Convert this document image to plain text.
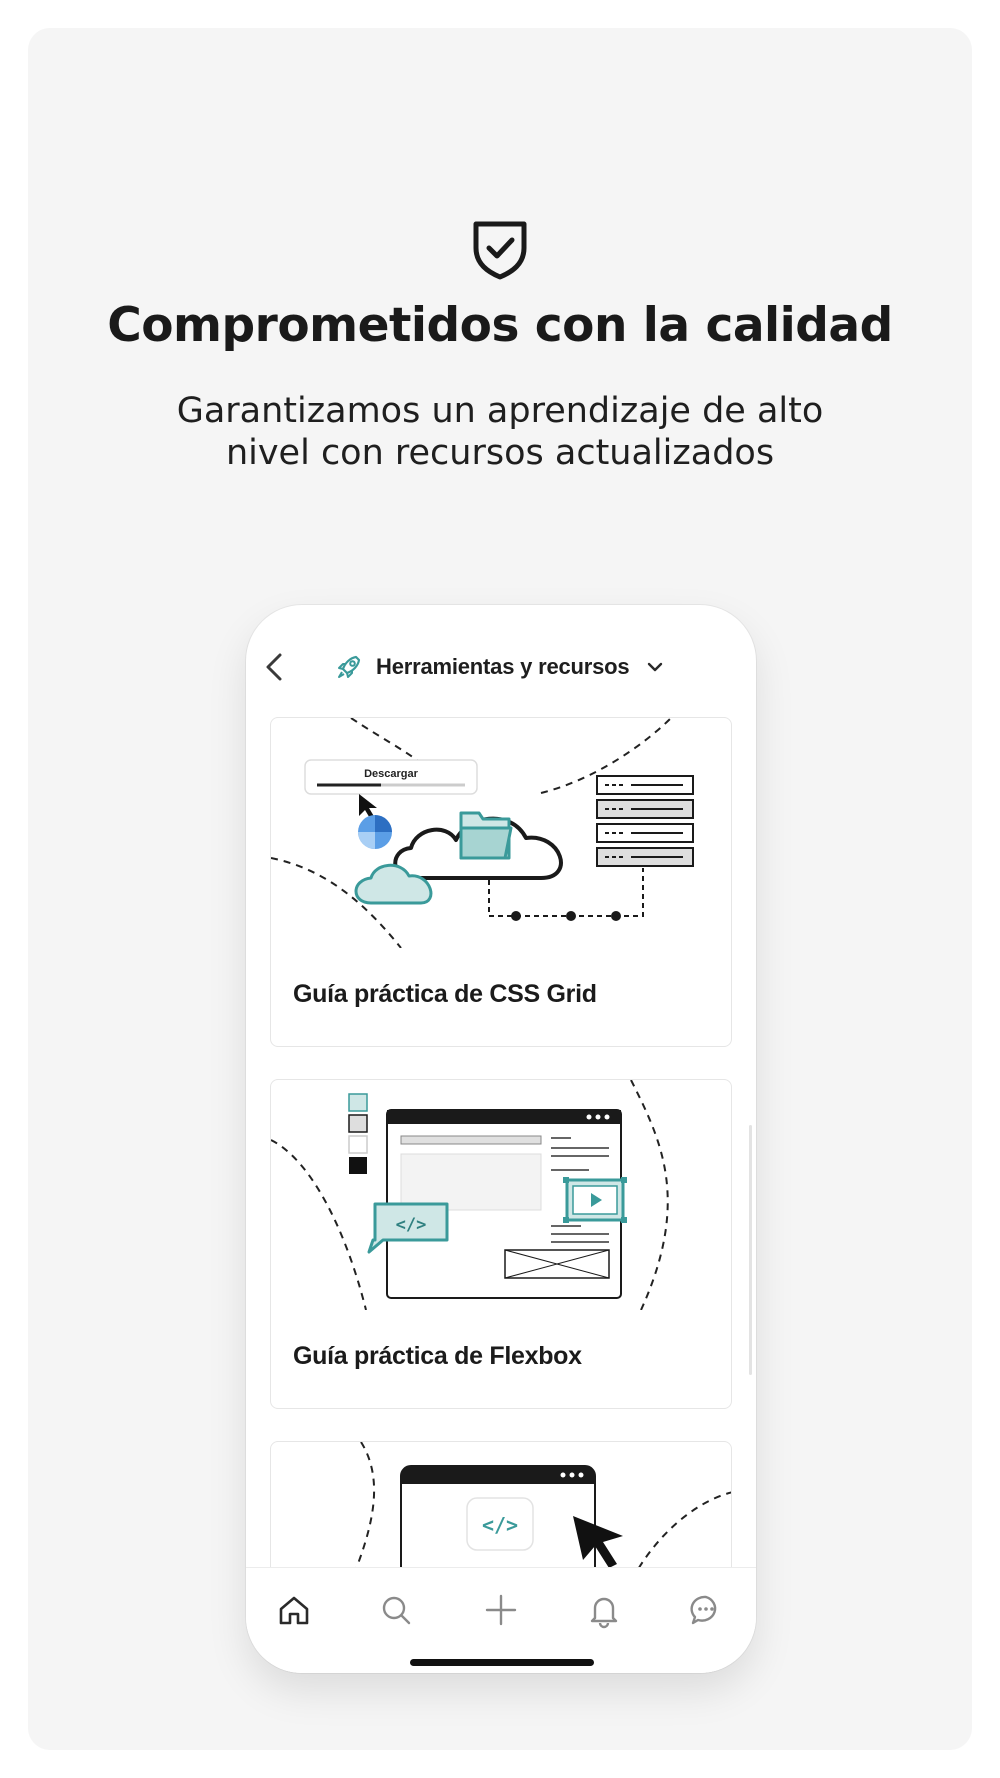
Comprometidos con la calidad
Garantizamos un aprendizaje de alto
nivel con recursos actualizados
Herramientas y recursos
Descargar
Guía práctica de CSS Grid
</>
Guía práctica de Flexbox
</>
